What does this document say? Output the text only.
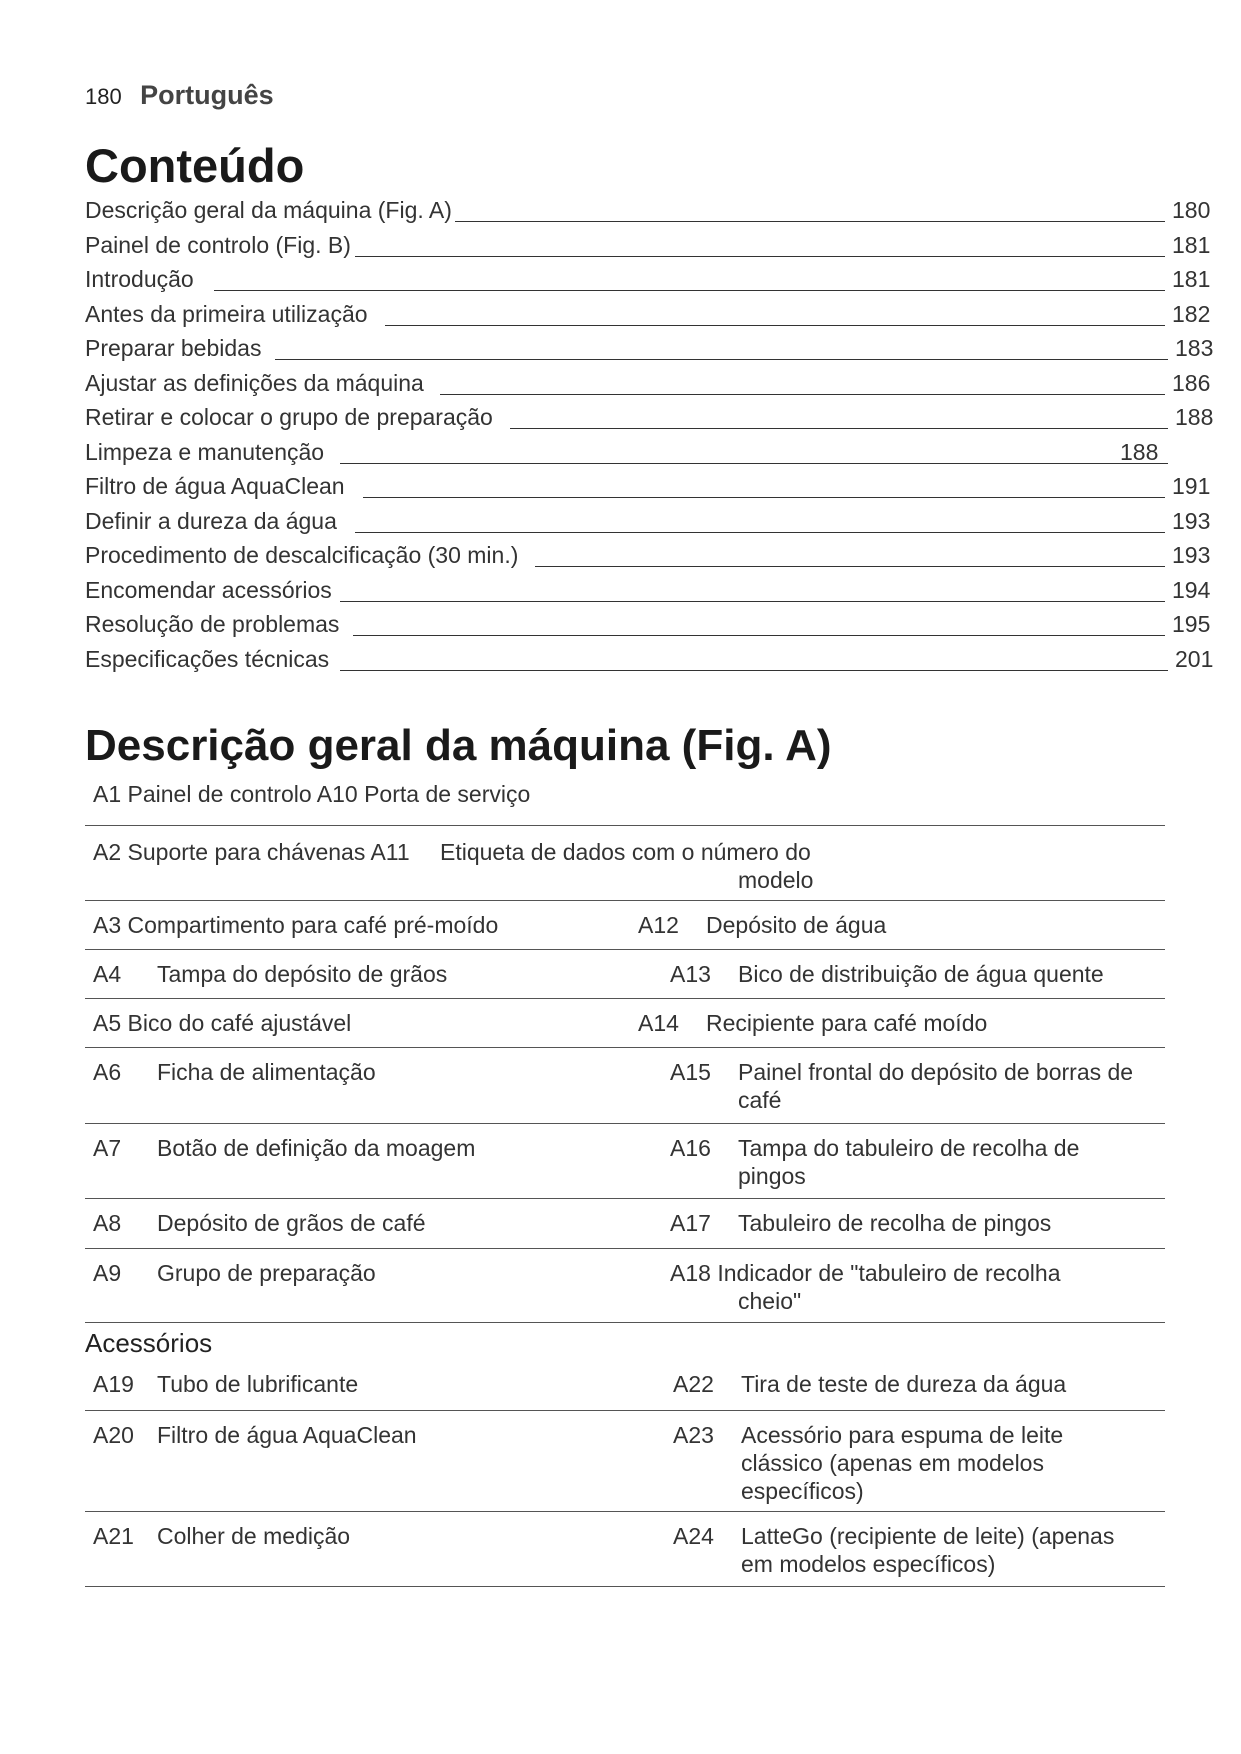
180 Português
Conteúdo
Descrição geral da máquina (Fig. A)	180
Painel de controlo (Fig. B)	181
Introdução	181
Antes da primeira utilização	182
Preparar bebidas	183
Ajustar as definições da máquina	186
Retirar e colocar o grupo de preparação	188
Limpeza e manutenção	188
Filtro de água AquaClean	191
Definir a dureza da água	193
Procedimento de descalcificação (30 min.)	193
Encomendar acessórios	194
Resolução de problemas	195
Especificações técnicas	201
Descrição geral da máquina (Fig. A)
A1 Painel de controlo A10 Porta de serviço
A2 Suporte para chávenas A11 Etiqueta de dados com o número do
modelo
A3 Compartimento para café pré-moído	A12 Depósito de água
A4 Tampa do depósito de grãos	A13 Bico de distribuição de água quente
A5 Bico do café ajustável	A14 Recipiente para café moído
A6 Ficha de alimentação	A15 Painel frontal do depósito de borras de café
A7 Botão de definição da moagem	A16 Tampa do tabuleiro de recolha de pingos
A8 Depósito de grãos de café	A17 Tabuleiro de recolha de pingos
A9 Grupo de preparação	A18 Indicador de "tabuleiro de recolha
cheio"
Acessórios
A19 Tubo de lubrificante	A22 Tira de teste de dureza da água
A20 Filtro de água AquaClean	A23 Acessório para espuma de leite clássico (apenas em modelos específicos)
A21 Colher de medição	A24 LatteGo (recipiente de leite) (apenas em modelos específicos)
